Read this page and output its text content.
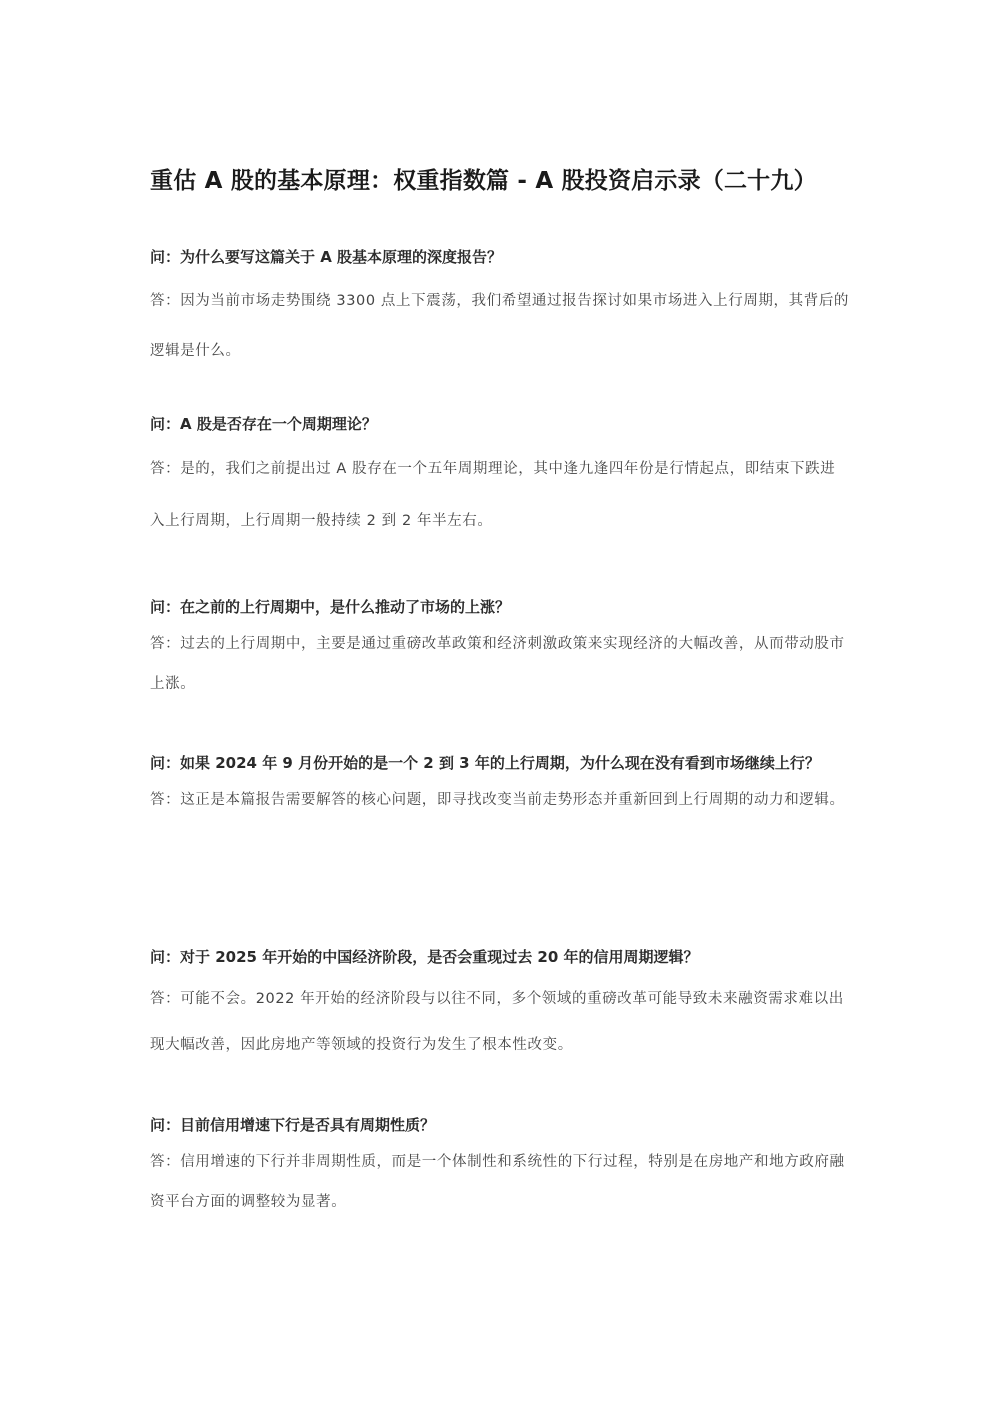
重估 A 股的基本原理：权重指数篇 - A 股投资启示录（二十九）

问：为什么要写这篇关于 A 股基本原理的深度报告？

答：因为当前市场走势围绕 3300 点上下震荡，我们希望通过报告探讨如果市场进入上行周期，其背后的逻辑是什么。

问：A 股是否存在一个周期理论？

答：是的，我们之前提出过 A 股存在一个五年周期理论，其中逢九逢四年份是行情起点，即结束下跌进入上行周期，上行周期一般持续 2 到 2 年半左右。

问：在之前的上行周期中，是什么推动了市场的上涨？

答：过去的上行周期中，主要是通过重磅改革政策和经济刺激政策来实现经济的大幅改善，从而带动股市上涨。

问：如果 2024 年 9 月份开始的是一个 2 到 3 年的上行周期，为什么现在没有看到市场继续上行？

答：这正是本篇报告需要解答的核心问题，即寻找改变当前走势形态并重新回到上行周期的动力和逻辑。

问：对于 2025 年开始的中国经济阶段，是否会重现过去 20 年的信用周期逻辑？

答：可能不会。2022 年开始的经济阶段与以往不同，多个领域的重磅改革可能导致未来融资需求难以出现大幅改善，因此房地产等领域的投资行为发生了根本性改变。

问：目前信用增速下行是否具有周期性质？

答：信用增速的下行并非周期性质，而是一个体制性和系统性的下行过程，特别是在房地产和地方政府融资平台方面的调整较为显著。
